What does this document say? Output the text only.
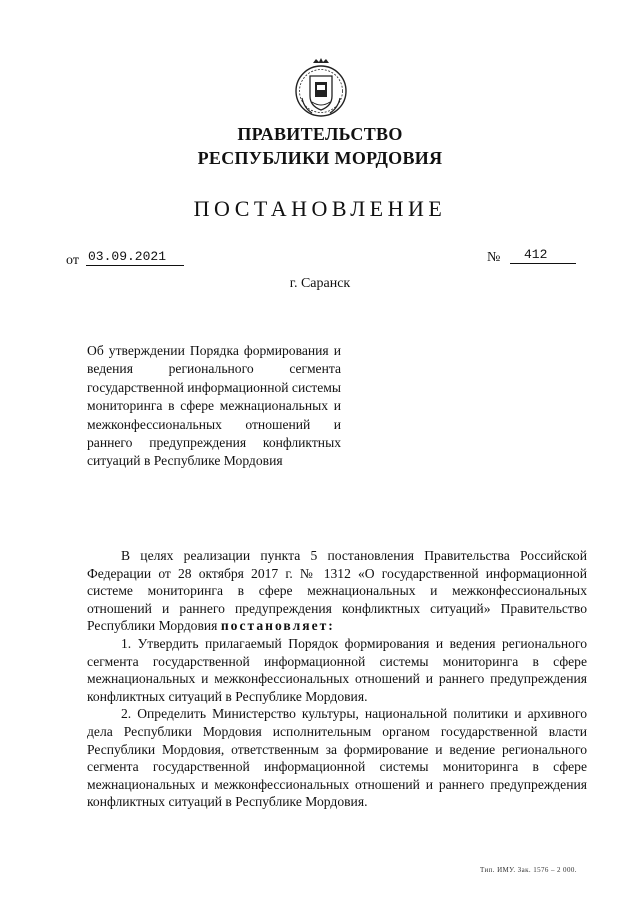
ПРАВИТЕЛЬСТВО
РЕСПУБЛИКИ МОРДОВИЯ
ПОСТАНОВЛЕНИЕ
от 03.09.2021	№	412
г. Саранск
Об утверждении Порядка формирования и ведения регионального сегмента государственной информационной системы мониторинга в сфере межнациональных и межконфессиональных отношений и раннего предупреждения конфликтных ситуаций в Республике Мордовия

В целях реализации пункта 5 постановления Правительства Российской Федерации от 28 октября 2017 г. № 1312 «О государственной информационной системе мониторинга в сфере межнациональных и межконфессиональных отношений и раннего предупреждения конфликтных ситуаций» Правительство Республики Мордовия постановляет:

1. Утвердить прилагаемый Порядок формирования и ведения регионального сегмента государственной информационной системы мониторинга в сфере межнациональных и межконфессиональных отношений и раннего предупреждения конфликтных ситуаций в Республике Мордовия.

2. Определить Министерство культуры, национальной политики и архивного дела Республики Мордовия исполнительным органом государственной власти Республики Мордовия, ответственным за формирование и ведение регионального сегмента государственной информационной системы мониторинга в сфере межнациональных и межконфессиональных отношений и раннего предупреждения конфликтных ситуаций в Республике Мордовия.

Тип. ИМУ. Зак. 1576 – 2 000.
